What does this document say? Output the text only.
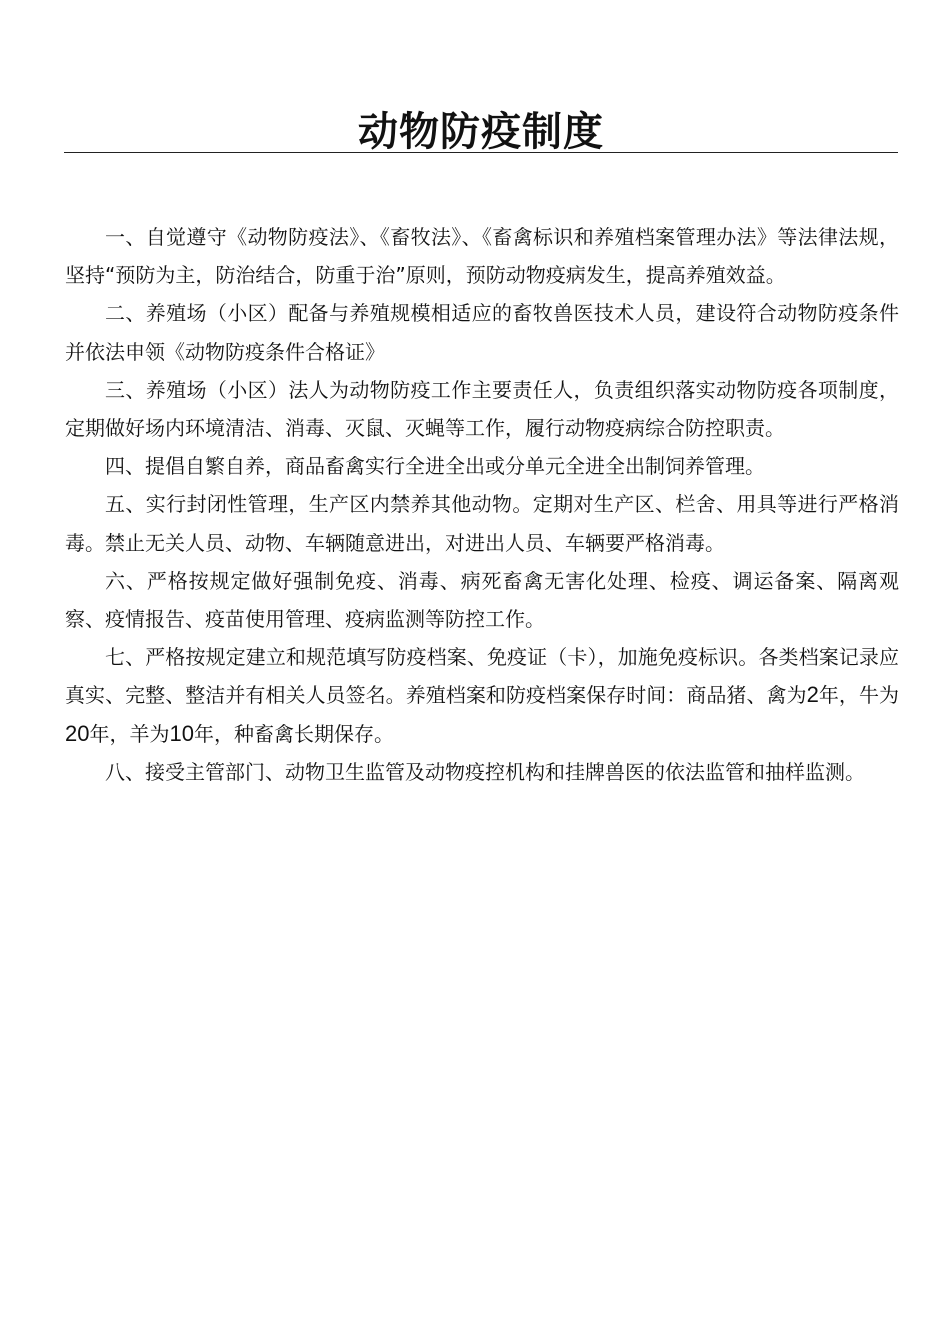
动物防疫制度

一、自觉遵守《动物防疫法》、《畜牧法》、《畜禽标识和养殖档案管理办法》等法律法规，坚持“预防为主，防治结合，防重于治”原则，预防动物疫病发生，提高养殖效益。

二、养殖场（小区）配备与养殖规模相适应的畜牧兽医技术人员，建设符合动物防疫条件并依法申领《动物防疫条件合格证》

三、养殖场（小区）法人为动物防疫工作主要责任人，负责组织落实动物防疫各项制度，定期做好场内环境清洁、消毒、灭鼠、灭蝇等工作，履行动物疫病综合防控职责。

四、提倡自繁自养，商品畜禽实行全进全出或分单元全进全出制饲养管理。

五、实行封闭性管理，生产区内禁养其他动物。定期对生产区、栏舍、用具等进行严格消毒。禁止无关人员、动物、车辆随意进出，对进出人员、车辆要严格消毒。

六、严格按规定做好强制免疫、消毒、病死畜禽无害化处理、检疫、调运备案、隔离观察、疫情报告、疫苗使用管理、疫病监测等防控工作。

七、严格按规定建立和规范填写防疫档案、免疫证（卡），加施免疫标识。各类档案记录应真实、完整、整洁并有相关人员签名。养殖档案和防疫档案保存时间：商品猪、禽为2年，牛为20年，羊为10年，种畜禽长期保存。

八、接受主管部门、动物卫生监管及动物疫控机构和挂牌兽医的依法监管和抽样监测。
